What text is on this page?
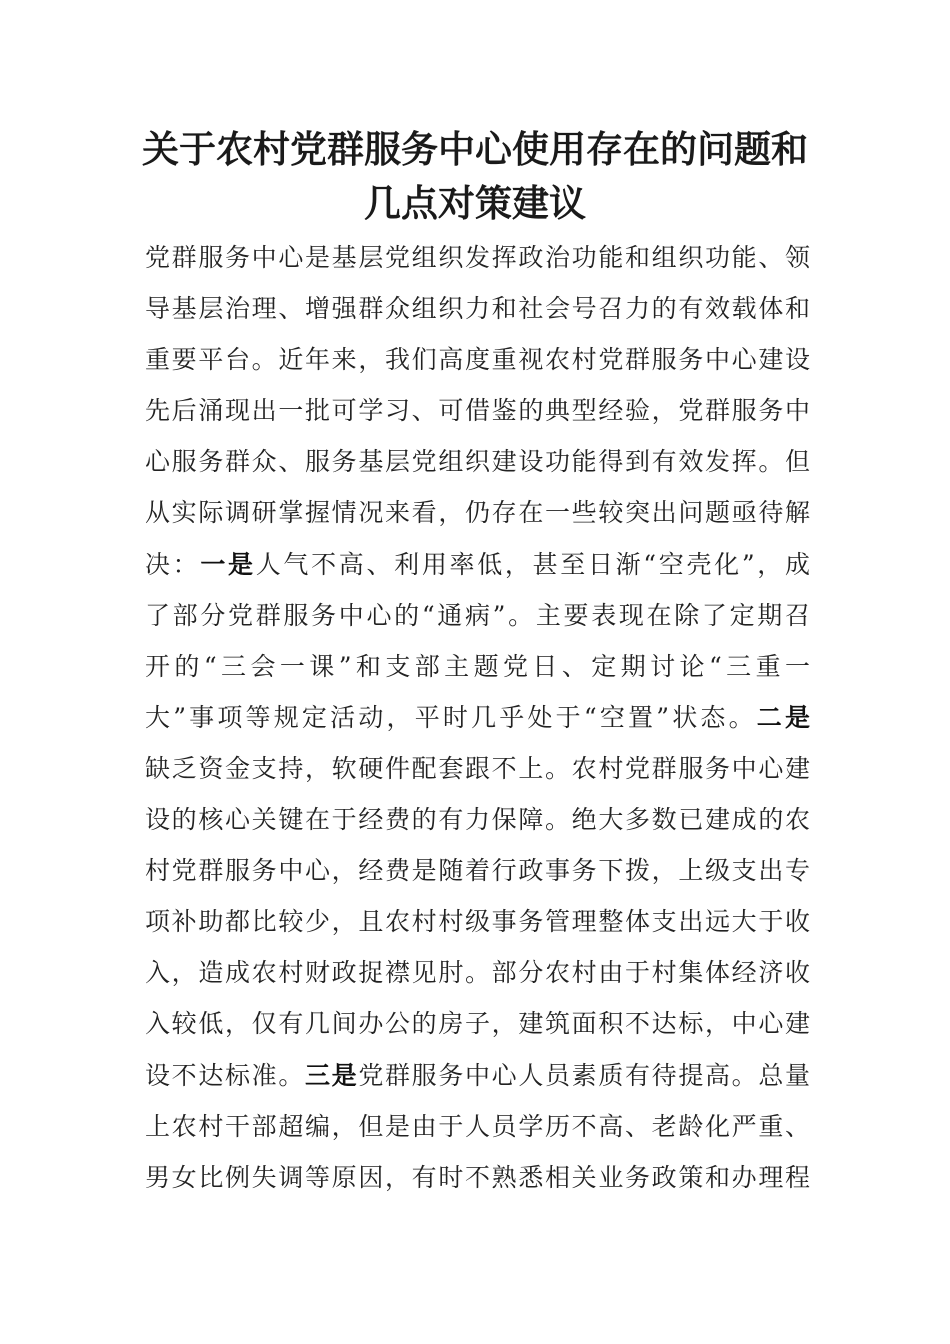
关于农村党群服务中心使用存在的问题和
几点对策建议
党群服务中心是基层党组织发挥政治功能和组织功能、领
导基层治理、增强群众组织力和社会号召力的有效载体和
重要平台。近年来，我们高度重视农村党群服务中心建设
先后涌现出一批可学习、可借鉴的典型经验，党群服务中
心服务群众、服务基层党组织建设功能得到有效发挥。但
从实际调研掌握情况来看，仍存在一些较突出问题亟待解
决：一是人气不高、利用率低，甚至日渐“空壳化”，成
了部分党群服务中心的“通病”。主要表现在除了定期召
开的“三会一课”和支部主题党日、定期讨论“三重一
大”事项等规定活动，平时几乎处于“空置”状态。二是
缺乏资金支持，软硬件配套跟不上。农村党群服务中心建
设的核心关键在于经费的有力保障。绝大多数已建成的农
村党群服务中心，经费是随着行政事务下拨，上级支出专
项补助都比较少，且农村村级事务管理整体支出远大于收
入，造成农村财政捉襟见肘。部分农村由于村集体经济收
入较低，仅有几间办公的房子，建筑面积不达标，中心建
设不达标准。三是党群服务中心人员素质有待提高。总量
上农村干部超编，但是由于人员学历不高、老龄化严重、
男女比例失调等原因，有时不熟悉相关业务政策和办理程
